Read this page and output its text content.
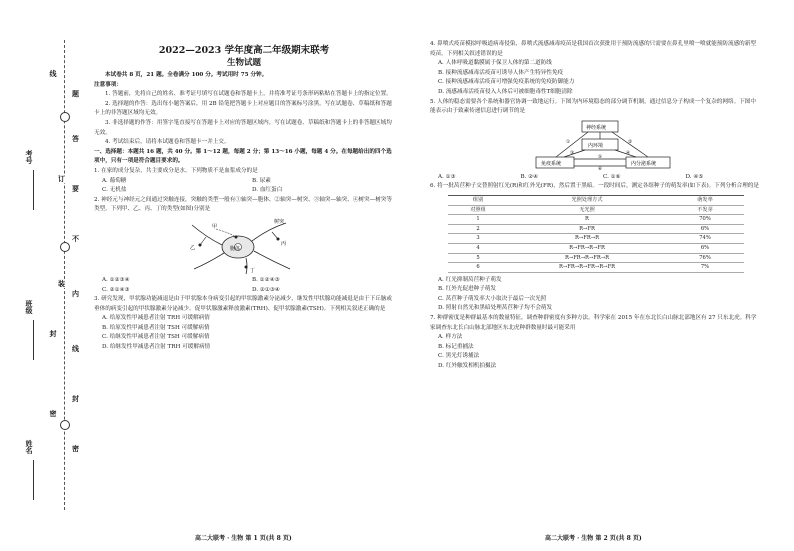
考号
班级
姓名
线
封
密
题
答
要
不
内
线
封
密
订
装
2022—2023 学年度高二年级期末联考
生物试题

本试卷共 8 页，21 题。全卷满分 100 分。考试用时 75 分钟。

注意事项：

1. 答题前，先将自己的姓名、准考证号填写在试题卷和答题卡上，并将准考证号条形码粘贴在答题卡上的指定位置。

2. 选择题的作答：选出每小题答案后，用 2B 铅笔把答题卡上对应题目的答案标号涂黑。写在试题卷、草稿纸和答题卡上的非答题区域均无效。

3. 非选择题的作答：用签字笔直接写在答题卡上对应的答题区域内。写在试题卷、草稿纸和答题卡上的非答题区域均无效。

4. 考试结束后，请将本试题卷和答题卡一并上交。

一、选择题：本题共 16 题，共 40 分。第 1～12 题，每题 2 分；第 13～16 小题，每题 4 分。在每题给出的四个选项中，只有一项是符合题目要求的。

1. 在家的成分复杂，共主要成分是水。下列物质不是血浆成分的是

A. 葡萄糖	B. 尿素
C. 无机盐	D. 血红蛋白

2. 神经元与神经元之间通过突触连接，突触的类型一般有①轴突—胞体、②轴突—树突、③轴突—轴突、④树突—树突等类型。下列甲、乙、丙、丁的类型(如图)分别是

甲
乙
丙
丁
树突
胞体
A. ①②③④	B. ①②④③
C. ②①④③	D. ②①③④

3. 研究发现，甲状腺功能减退是由于甲状腺本身病变引起的甲状腺激素分泌减少，继发性甲状腺功能减退是由于下丘脑或垂体的病变引起的甲状腺激素分泌减少。促甲状腺激素释放激素(TRH)、促甲状腺激素(TSH)。下列相关叙述正确的是

A. 给原发性甲减患者注射 TRH 可缓解病情
B. 给原发性甲减患者注射 TSH 可缓解病情
C. 给继发性甲减患者注射 TSH 可缓解病情
D. 给继发性甲减患者注射 TRH 可缓解病情
高二大联考 · 生物 第 1 页(共 8 页)

4. 鼻喷式疫苗模拟呼吸道病毒侵染，鼻喷式流感减毒疫苗是我国首次获批用于预防流感的只需要在鼻孔里喷一喷就能预防流感的新型疫苗。下列相关叙述错误的是

A. 人体呼吸道黏膜属于保卫人体的第二道防线
B. 接种流感减毒活疫苗可诱导人体产生特异性免疫
C. 接种流感减毒活疫苗可增强免疫系统的免疫防御能力
D. 流感减毒活疫苗侵入人体后可被细胞毒性T细胞清除

5. 人体的稳态需要各个系统和器官协调一致地运行。下图为内环境稳态的部分调节机制，通过信息分子构成一个复杂的网络。下图中能表示由于致素传递信息进行调节的是

神经系统
内环境
免疫系统	内分泌系统
①	②
③	④
⑤
⑥
A. ①③	B. ②④	C. ①⑥	D. ④⑤

6. 将一批莴苣种子交替照射红光(R)和红外光(FR)，然后置于黑暗。一段时间后，测定各组种子的萌发率(如下表)。下列分析合理的是

组别	光照处理方式	萌发率
对照组	无光照	不发芽
1	R	70%
2	R→FR	6%
3	R→FR→R	74%
4	R→FR→R→FR	6%
5	R→FR→R→FR→R	76%
6	R→FR→R→FR→R→FR	7%
A. 红光抑制莴苣种子萌发
B. 红外光促进种子萌发
C. 莴苣种子萌发率大小取决于最后一次光照
D. 照射自然光和黑暗处理莴苣种子均不会萌发

7. 种群密度是种群最基本的数量特征，调查种群密度有多种方法。科学家在 2015 年在东北长白山脉北部地区有 27 只东北虎。科学家调查东北长白山脉北部地区东北虎种群数量时最可能采用

A. 样方法
B. 标记重捕法
C. 黑光灯诱捕法
D. 红外触发相机拍摄法
高二大联考 · 生物 第 2 页(共 8 页)
